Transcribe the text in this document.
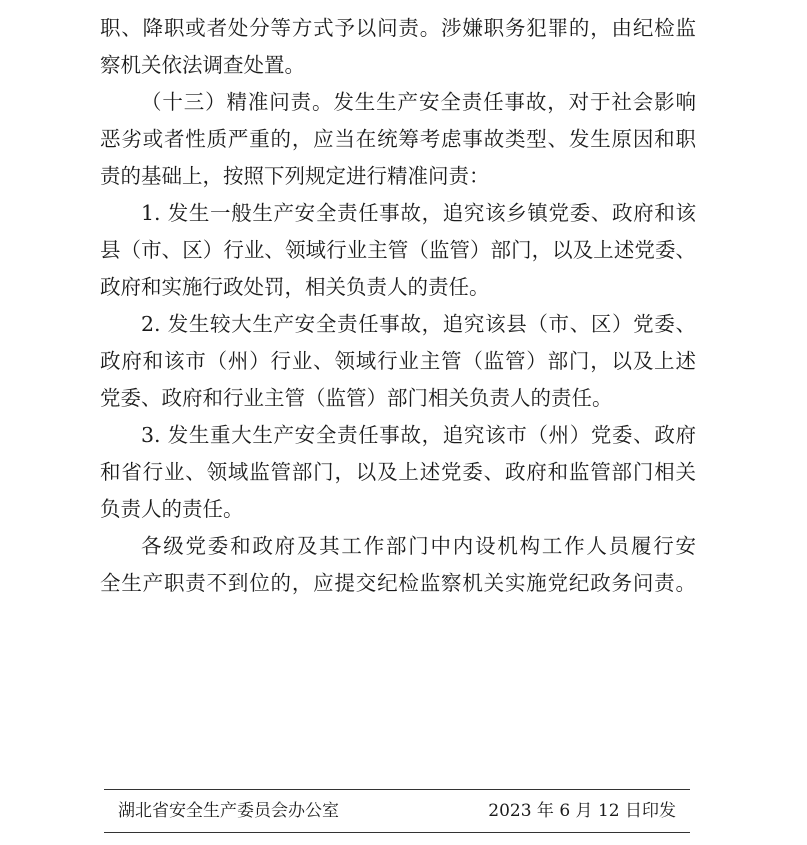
职、降职或者处分等方式予以问责。涉嫌职务犯罪的，由纪检监
察机关依法调查处置。
（十三）精准问责。发生生产安全责任事故，对于社会影响
恶劣或者性质严重的，应当在统筹考虑事故类型、发生原因和职
责的基础上，按照下列规定进行精准问责：
1. 发生一般生产安全责任事故，追究该乡镇党委、政府和该
县（市、区）行业、领域行业主管（监管）部门，以及上述党委、
政府和实施行政处罚，相关负责人的责任。
2. 发生较大生产安全责任事故，追究该县（市、区）党委、
政府和该市（州）行业、领域行业主管（监管）部门，以及上述
党委、政府和行业主管（监管）部门相关负责人的责任。
3. 发生重大生产安全责任事故，追究该市（州）党委、政府
和省行业、领域监管部门，以及上述党委、政府和监管部门相关
负责人的责任。
各级党委和政府及其工作部门中内设机构工作人员履行安
全生产职责不到位的，应提交纪检监察机关实施党纪政务问责。
湖北省安全生产委员会办公室	2023 年 6 月 12 日印发
